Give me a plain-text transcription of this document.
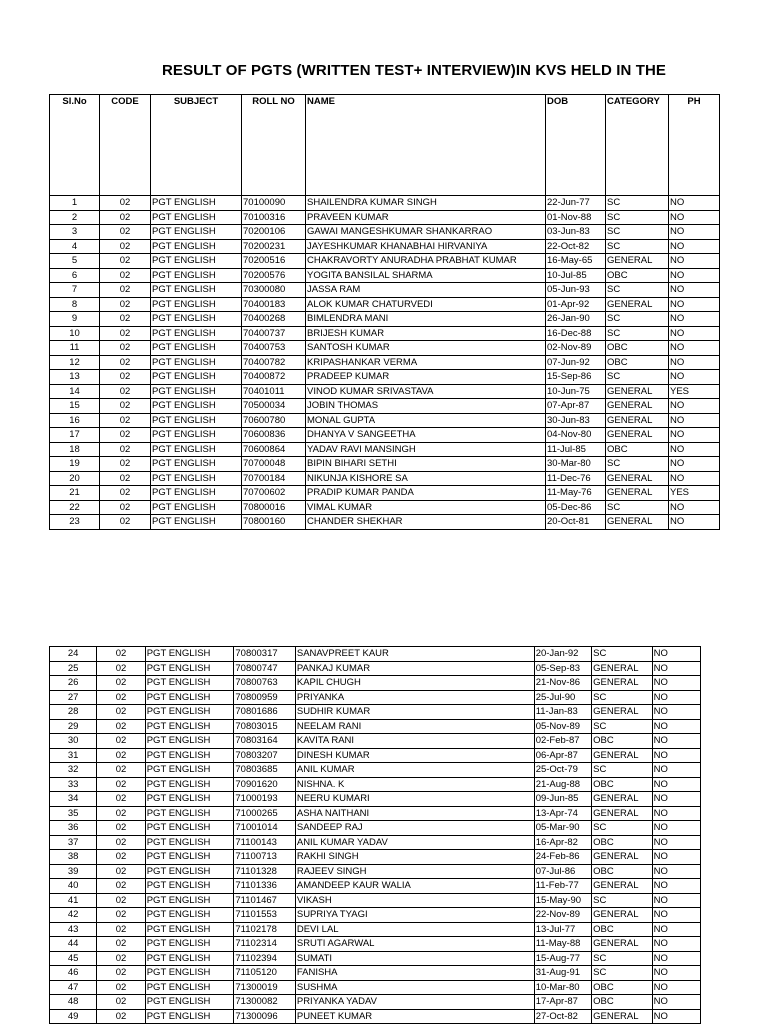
RESULT OF PGTS (WRITTEN TEST+ INTERVIEW)IN KVS HELD IN THE
Sl.No	CODE	SUBJECT	ROLL NO	NAME	DOB	CATEGORY	PH
1	02	PGT ENGLISH	70100090	SHAILENDRA KUMAR SINGH	22-Jun-77	SC	NO
2	02	PGT ENGLISH	70100316	PRAVEEN KUMAR	01-Nov-88	SC	NO
3	02	PGT ENGLISH	70200106	GAWAI MANGESHKUMAR SHANKARRAO	03-Jun-83	SC	NO
4	02	PGT ENGLISH	70200231	JAYESHKUMAR KHANABHAI HIRVANIYA	22-Oct-82	SC	NO
5	02	PGT ENGLISH	70200516	CHAKRAVORTY ANURADHA PRABHAT KUMAR	16-May-65	GENERAL	NO
6	02	PGT ENGLISH	70200576	YOGITA BANSILAL SHARMA	10-Jul-85	OBC	NO
7	02	PGT ENGLISH	70300080	JASSA RAM	05-Jun-93	SC	NO
8	02	PGT ENGLISH	70400183	ALOK KUMAR CHATURVEDI	01-Apr-92	GENERAL	NO
9	02	PGT ENGLISH	70400268	BIMLENDRA MANI	26-Jan-90	SC	NO
10	02	PGT ENGLISH	70400737	BRIJESH KUMAR	16-Dec-88	SC	NO
11	02	PGT ENGLISH	70400753	SANTOSH KUMAR	02-Nov-89	OBC	NO
12	02	PGT ENGLISH	70400782	KRIPASHANKAR VERMA	07-Jun-92	OBC	NO
13	02	PGT ENGLISH	70400872	PRADEEP KUMAR	15-Sep-86	SC	NO
14	02	PGT ENGLISH	70401011	VINOD KUMAR SRIVASTAVA	10-Jun-75	GENERAL	YES
15	02	PGT ENGLISH	70500034	JOBIN THOMAS	07-Apr-87	GENERAL	NO
16	02	PGT ENGLISH	70600780	MONAL GUPTA	30-Jun-83	GENERAL	NO
17	02	PGT ENGLISH	70600836	DHANYA V SANGEETHA	04-Nov-80	GENERAL	NO
18	02	PGT ENGLISH	70600864	YADAV RAVI MANSINGH	11-Jul-85	OBC	NO
19	02	PGT ENGLISH	70700048	BIPIN BIHARI SETHI	30-Mar-80	SC	NO
20	02	PGT ENGLISH	70700184	NIKUNJA KISHORE SA	11-Dec-76	GENERAL	NO
21	02	PGT ENGLISH	70700602	PRADIP KUMAR PANDA	11-May-76	GENERAL	YES
22	02	PGT ENGLISH	70800016	VIMAL KUMAR	05-Dec-86	SC	NO
23	02	PGT ENGLISH	70800160	CHANDER SHEKHAR	20-Oct-81	GENERAL	NO
24	02	PGT ENGLISH	70800317	SANAVPREET KAUR	20-Jan-92	SC	NO
25	02	PGT ENGLISH	70800747	PANKAJ KUMAR	05-Sep-83	GENERAL	NO
26	02	PGT ENGLISH	70800763	KAPIL CHUGH	21-Nov-86	GENERAL	NO
27	02	PGT ENGLISH	70800959	PRIYANKA	25-Jul-90	SC	NO
28	02	PGT ENGLISH	70801686	SUDHIR KUMAR	11-Jan-83	GENERAL	NO
29	02	PGT ENGLISH	70803015	NEELAM RANI	05-Nov-89	SC	NO
30	02	PGT ENGLISH	70803164	KAVITA RANI	02-Feb-87	OBC	NO
31	02	PGT ENGLISH	70803207	DINESH KUMAR	06-Apr-87	GENERAL	NO
32	02	PGT ENGLISH	70803685	ANIL KUMAR	25-Oct-79	SC	NO
33	02	PGT ENGLISH	70901620	NISHNA. K	21-Aug-88	OBC	NO
34	02	PGT ENGLISH	71000193	NEERU KUMARI	09-Jun-85	GENERAL	NO
35	02	PGT ENGLISH	71000265	ASHA NAITHANI	13-Apr-74	GENERAL	NO
36	02	PGT ENGLISH	71001014	SANDEEP RAJ	05-Mar-90	SC	NO
37	02	PGT ENGLISH	71100143	ANIL KUMAR YADAV	16-Apr-82	OBC	NO
38	02	PGT ENGLISH	71100713	RAKHI SINGH	24-Feb-86	GENERAL	NO
39	02	PGT ENGLISH	71101328	RAJEEV SINGH	07-Jul-86	OBC	NO
40	02	PGT ENGLISH	71101336	AMANDEEP KAUR WALIA	11-Feb-77	GENERAL	NO
41	02	PGT ENGLISH	71101467	VIKASH	15-May-90	SC	NO
42	02	PGT ENGLISH	71101553	SUPRIYA TYAGI	22-Nov-89	GENERAL	NO
43	02	PGT ENGLISH	71102178	DEVI LAL	13-Jul-77	OBC	NO
44	02	PGT ENGLISH	71102314	SRUTI AGARWAL	11-May-88	GENERAL	NO
45	02	PGT ENGLISH	71102394	SUMATI	15-Aug-77	SC	NO
46	02	PGT ENGLISH	71105120	FANISHA	31-Aug-91	SC	NO
47	02	PGT ENGLISH	71300019	SUSHMA	10-Mar-80	OBC	NO
48	02	PGT ENGLISH	71300082	PRIYANKA YADAV	17-Apr-87	OBC	NO
49	02	PGT ENGLISH	71300096	PUNEET KUMAR	27-Oct-82	GENERAL	NO
